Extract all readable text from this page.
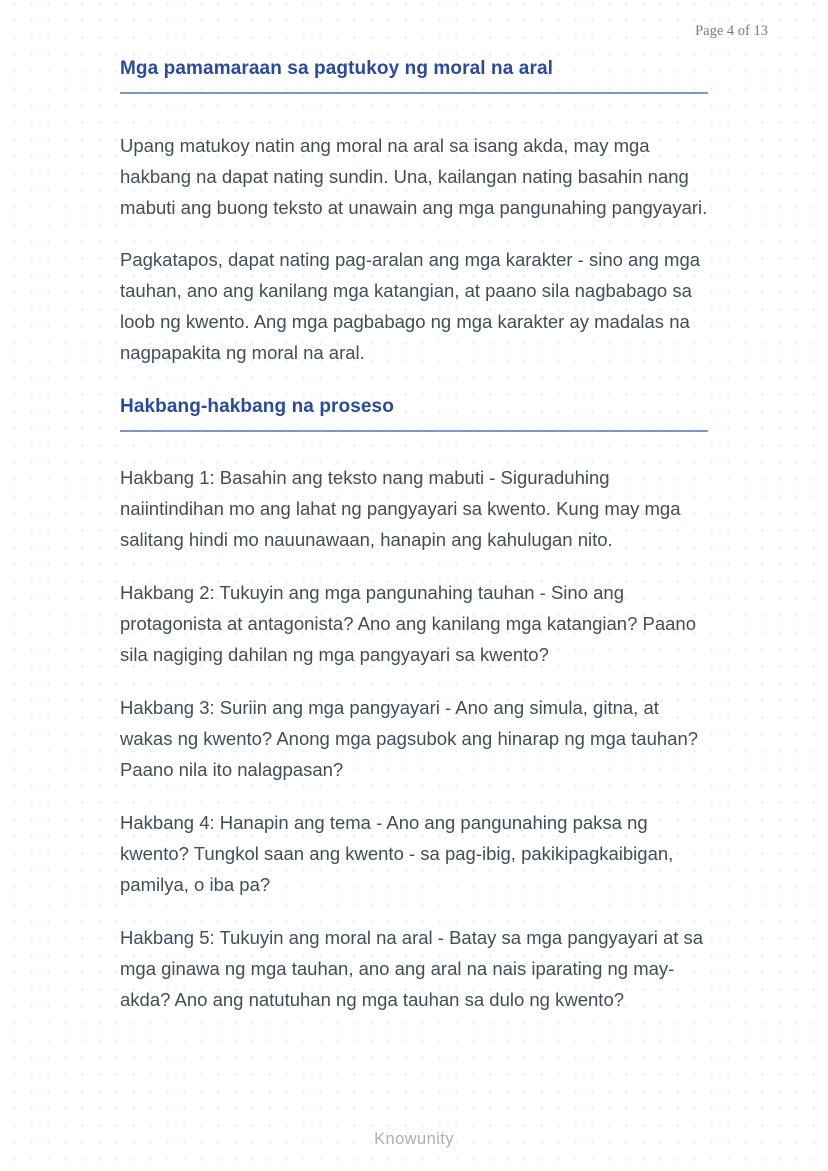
Page 4 of 13
Mga pamamaraan sa pagtukoy ng moral na aral

Upang matukoy natin ang moral na aral sa isang akda, may mga hakbang na dapat nating sundin. Una, kailangan nating basahin nang mabuti ang buong teksto at unawain ang mga pangunahing pangyayari.

Pagkatapos, dapat nating pag-aralan ang mga karakter - sino ang mga tauhan, ano ang kanilang mga katangian, at paano sila nagbabago sa loob ng kwento. Ang mga pagbabago ng mga karakter ay madalas na nagpapakita ng moral na aral.

Hakbang-hakbang na proseso

Hakbang 1: Basahin ang teksto nang mabuti - Siguraduhing naiintindihan mo ang lahat ng pangyayari sa kwento. Kung may mga salitang hindi mo nauunawaan, hanapin ang kahulugan nito.

Hakbang 2: Tukuyin ang mga pangunahing tauhan - Sino ang protagonista at antagonista? Ano ang kanilang mga katangian? Paano sila nagiging dahilan ng mga pangyayari sa kwento?

Hakbang 3: Suriin ang mga pangyayari - Ano ang simula, gitna, at wakas ng kwento? Anong mga pagsubok ang hinarap ng mga tauhan? Paano nila ito nalagpasan?

Hakbang 4: Hanapin ang tema - Ano ang pangunahing paksa ng kwento? Tungkol saan ang kwento - sa pag-ibig, pakikipagkaibigan, pamilya, o iba pa?

Hakbang 5: Tukuyin ang moral na aral - Batay sa mga pangyayari at sa mga ginawa ng mga tauhan, ano ang aral na nais iparating ng may-akda? Ano ang natutuhan ng mga tauhan sa dulo ng kwento?

Knowunity
